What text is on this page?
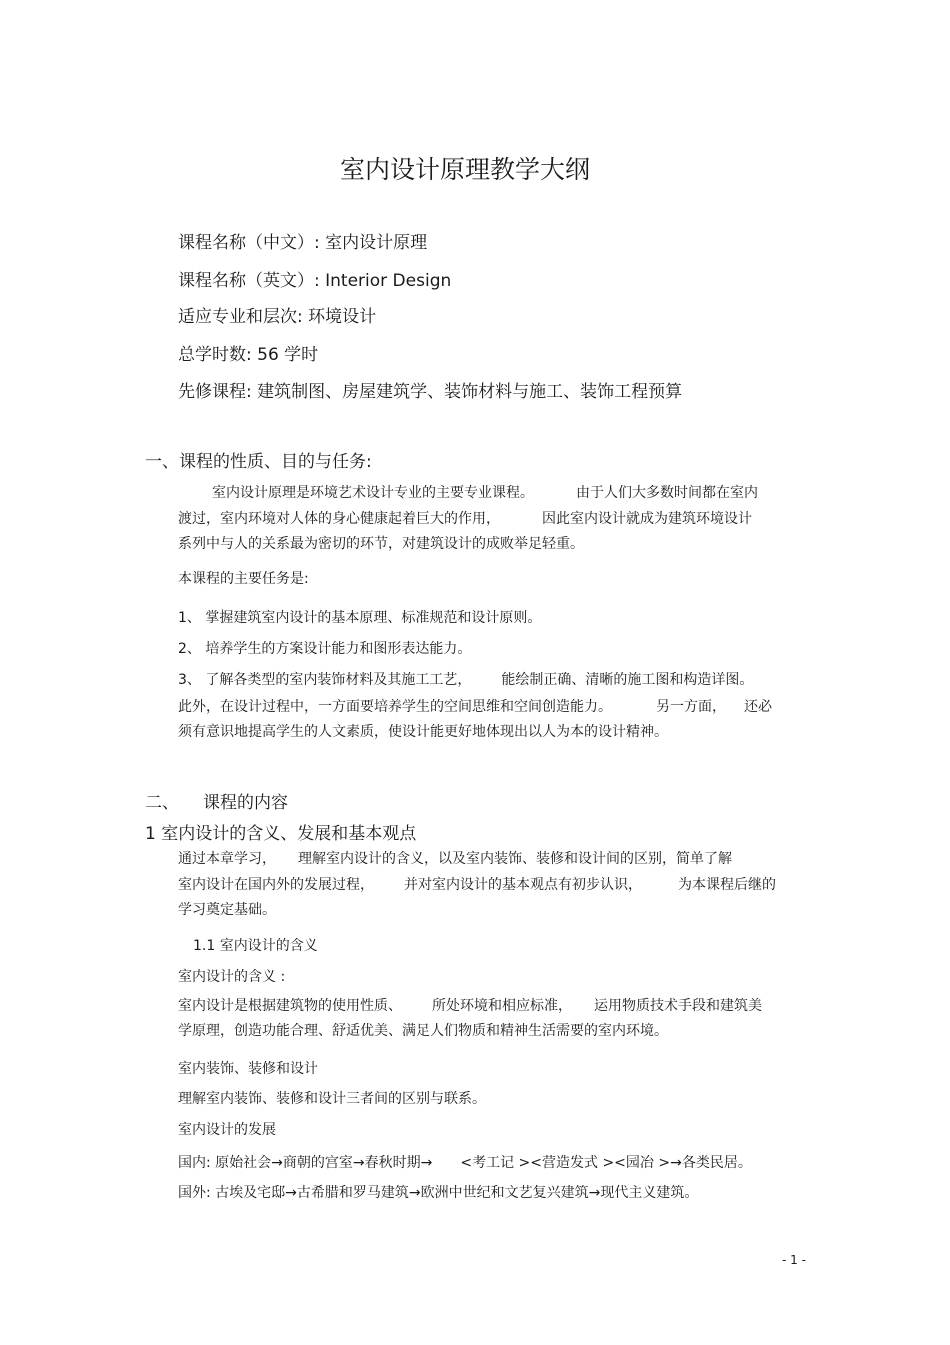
室内设计原理教学大纲
课程名称（中文）: 室内设计原理
课程名称（英文）: Interior Design
适应专业和层次: 环境设计
总学时数: 56 学时
先修课程: 建筑制图、房屋建筑学、装饰材料与施工、装饰工程预算
一、课程的性质、目的与任务:
室内设计原理是环境艺术设计专业的主要专业课程。	由于人们大多数时间都在室内
渡过，室内环境对人体的身心健康起着巨大的作用，	因此室内设计就成为建筑环境设计
系列中与人的关系最为密切的环节，对建筑设计的成败举足轻重。
本课程的主要任务是:
1、 掌握建筑室内设计的基本原理、标准规范和设计原则。
2、 培养学生的方案设计能力和图形表达能力。
3、 了解各类型的室内装饰材料及其施工工艺， 能绘制正确、清晰的施工图和构造详图。
此外，在设计过程中，一方面要培养学生的空间思维和空间创造能力。	另一方面， 还必
须有意识地提高学生的人文素质，使设计能更好地体现出以人为本的设计精神。
二、 课程的内容
1 室内设计的含义、发展和基本观点
通过本章学习， 理解室内设计的含义，以及室内装饰、装修和设计间的区别，简单了解
室内设计在国内外的发展过程， 并对室内设计的基本观点有初步认识，	为本课程后继的
学习奠定基础。
1.1 室内设计的含义
室内设计的含义 :
室内设计是根据建筑物的使用性质、 所处环境和相应标准， 运用物质技术手段和建筑美
学原理，创造功能合理、舒适优美、满足人们物质和精神生活需要的室内环境。
室内装饰、装修和设计
理解室内装饰、装修和设计三者间的区别与联系。
室内设计的发展
国内: 原始社会→商朝的宫室→春秋时期→ <考工记 ><营造发式 ><园冶 >→各类民居。
国外: 古埃及宅邸→古希腊和罗马建筑→欧洲中世纪和文艺复兴建筑→现代主义建筑。
- 1 -
